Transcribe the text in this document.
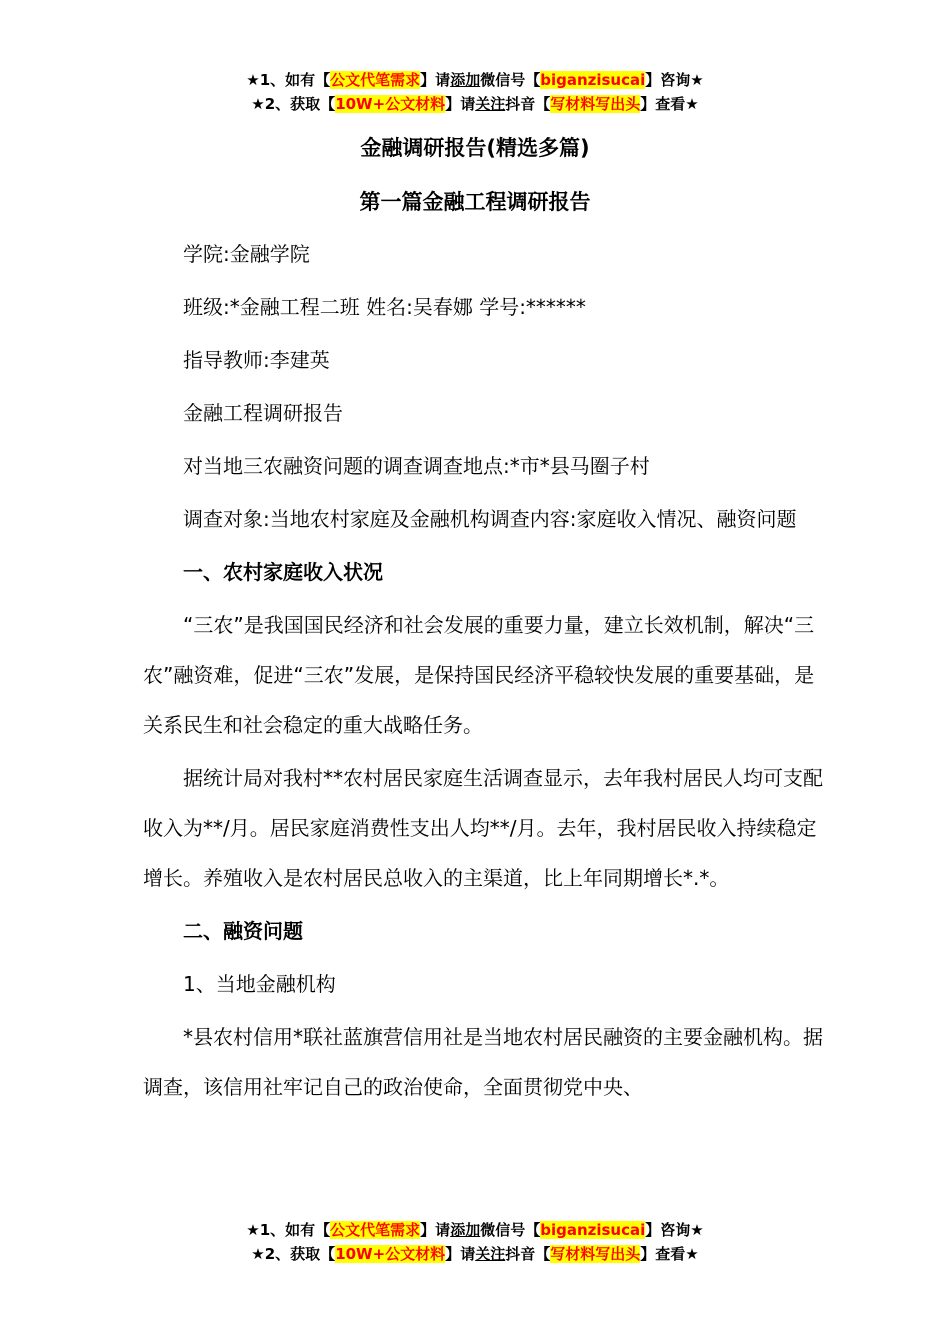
★1、如有【公文代笔需求】请添加微信号【biganzisucai】咨询★
★2、获取【10W+公文材料】请关注抖音【写材料写出头】查看★
金融调研报告(精选多篇)
第一篇金融工程调研报告

学院:金融学院

班级:*金融工程二班 姓名:吴春娜 学号:******

指导教师:李建英

金融工程调研报告

对当地三农融资问题的调查调查地点:*市*县马圈子村

调查对象:当地农村家庭及金融机构调查内容:家庭收入情况、融资问题

一、农村家庭收入状况

“三农”是我国国民经济和社会发展的重要力量，建立长效机制，解决“三农”融资难，促进“三农”发展，是保持国民经济平稳较快发展的重要基础，是关系民生和社会稳定的重大战略任务。

据统计局对我村**农村居民家庭生活调查显示，去年我村居民人均可支配收入为**/月。居民家庭消费性支出人均**/月。去年，我村居民收入持续稳定增长。养殖收入是农村居民总收入的主渠道，比上年同期增长*.*。

二、融资问题

1、当地金融机构

*县农村信用*联社蓝旗营信用社是当地农村居民融资的主要金融机构。据调查，该信用社牢记自己的政治使命，全面贯彻党中央、

★1、如有【公文代笔需求】请添加微信号【biganzisucai】咨询★
★2、获取【10W+公文材料】请关注抖音【写材料写出头】查看★
